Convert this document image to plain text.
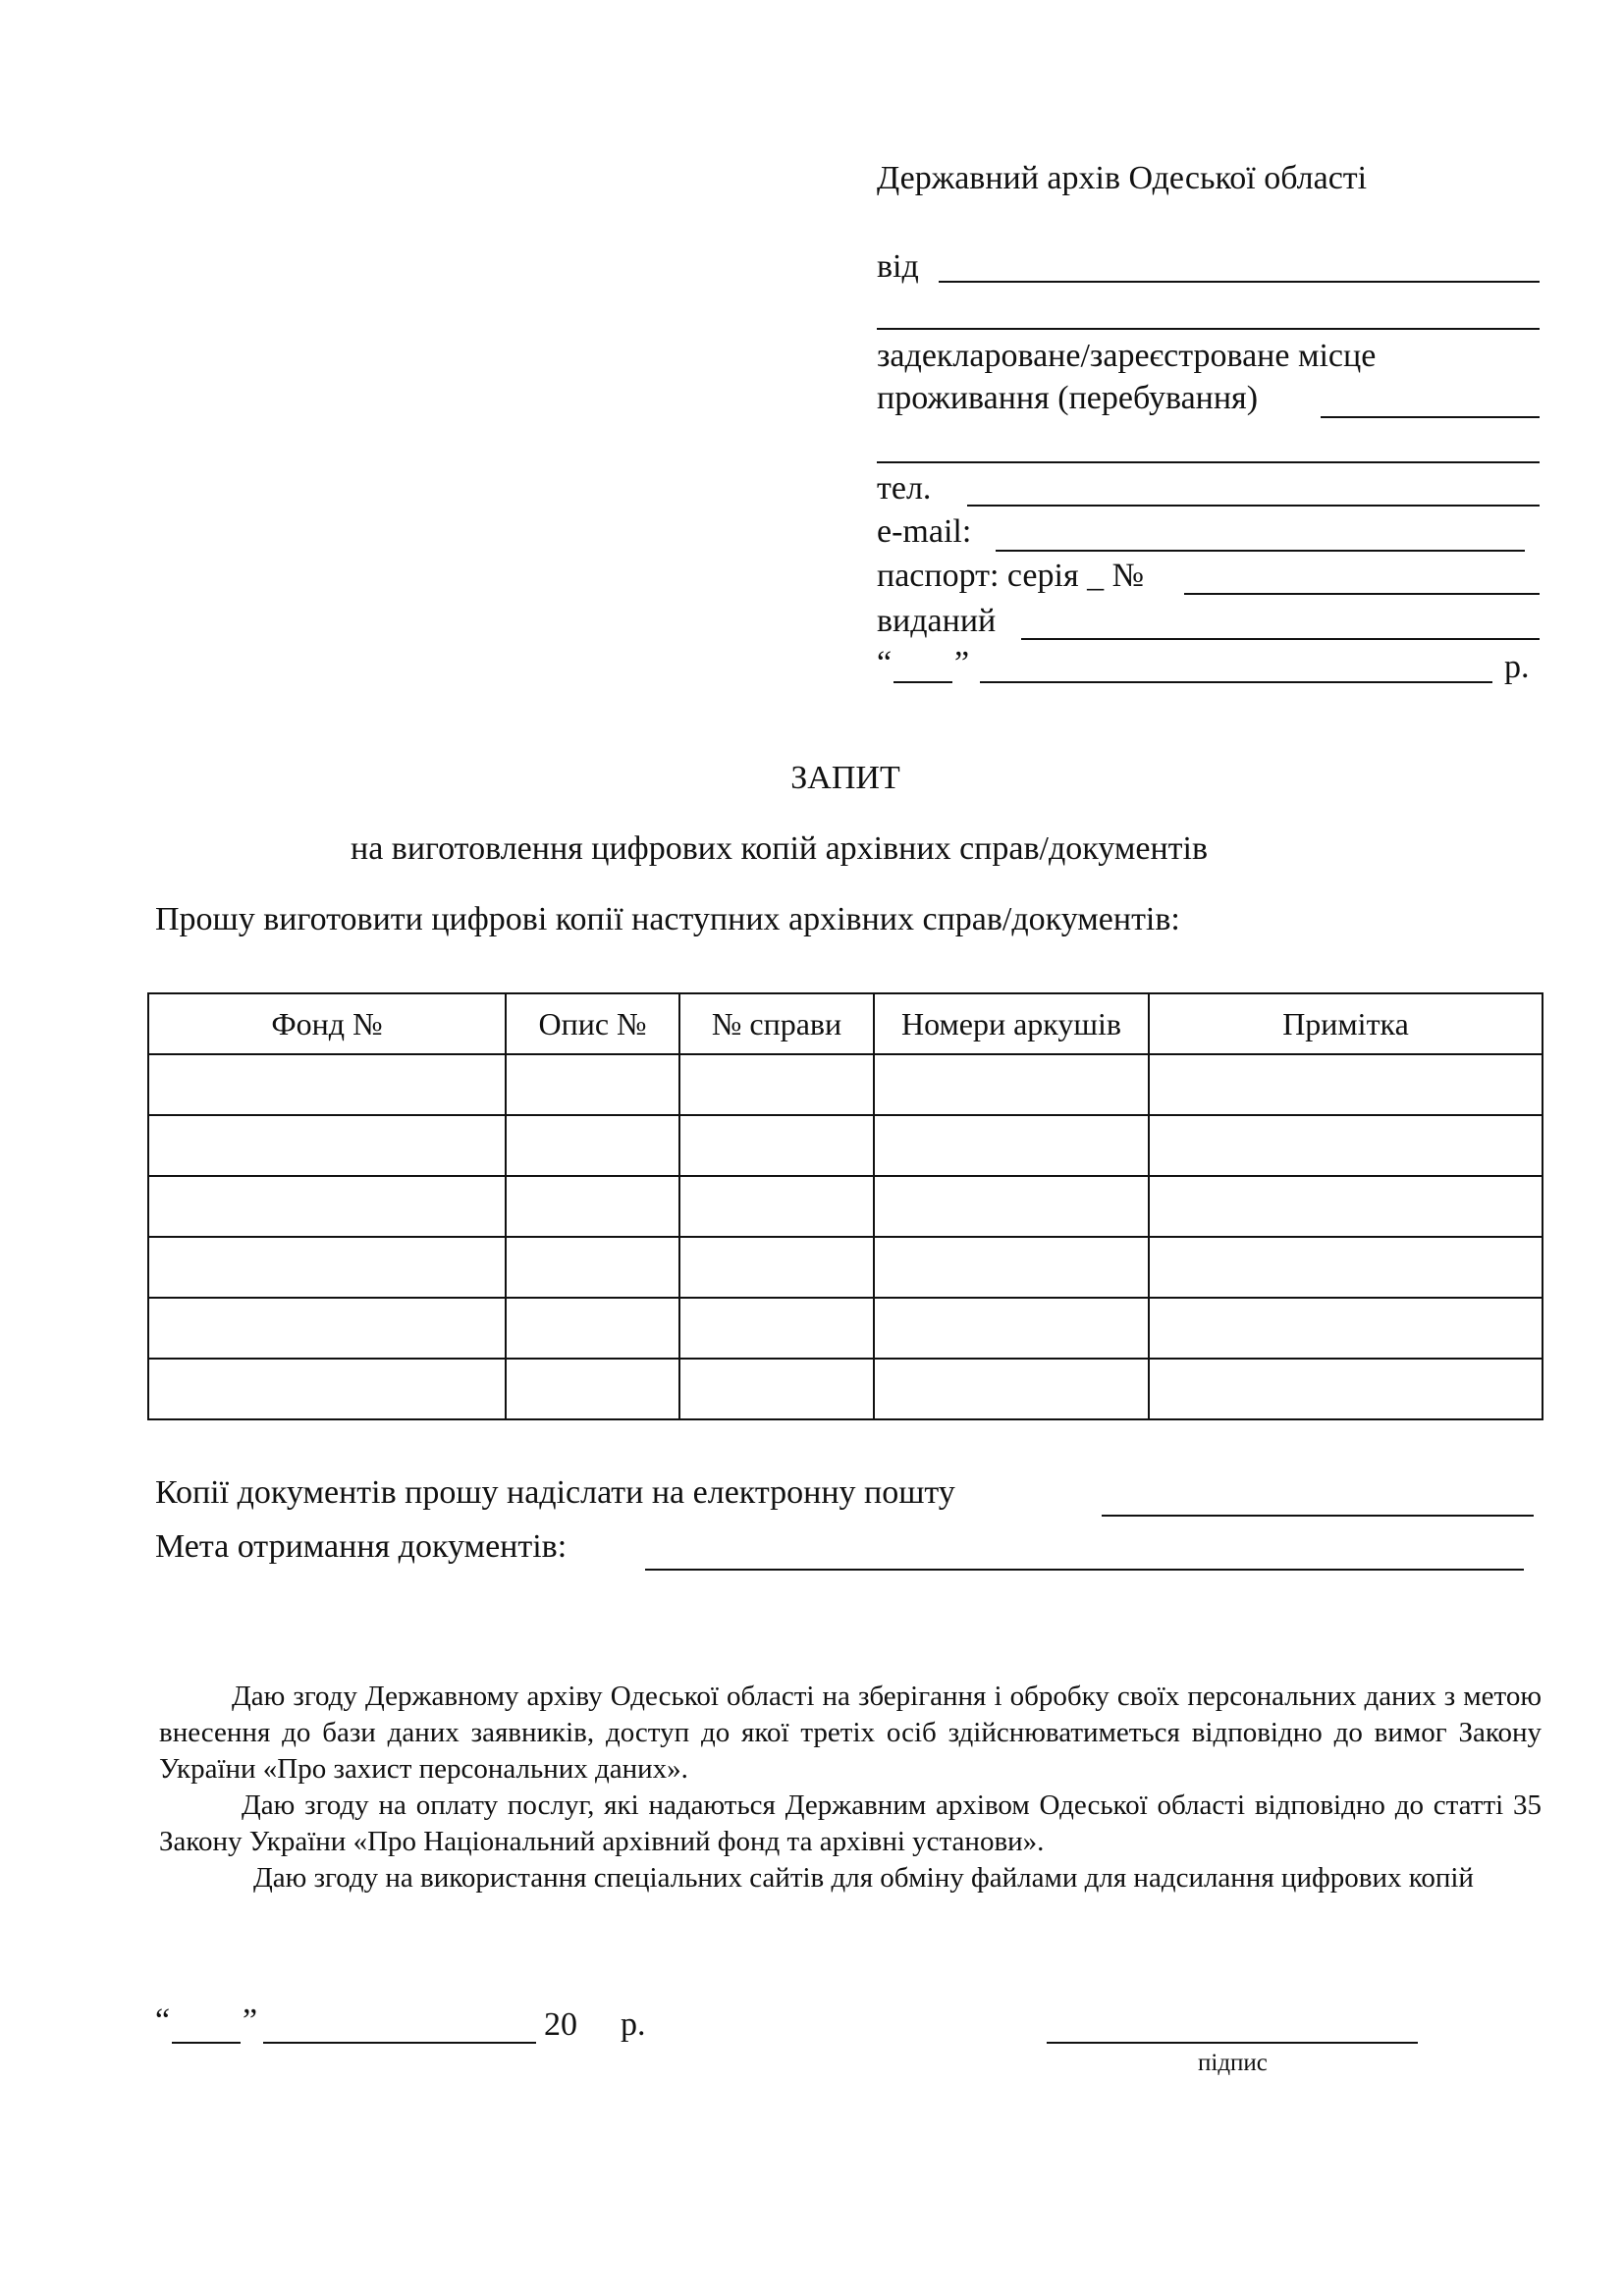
Державний архів Одеської області
від
задекларoване/зареєстроване місце
проживання (перебування)
тел.
e-mail:
паспорт: серія _ №
виданий
“ ”	р.
ЗАПИТ
на виготовлення цифрових копій архівних справ/документів
Прошу виготовити цифрові копії наступних архівних справ/документів:
Фонд №	Опис №	№ справи	Номери аркушів	Примітка

Копії документів прошу надіслати на електронну пошту
Мета отримання документів:

Даю згоду Державному архіву Одеської області на зберігання і обробку своїх персональних даних з метою внесення до бази даних заявників, доступ до якої третіх осіб здійснюватиметься відповідно до вимог Закону України «Про захист персональних даних».

Даю згоду на оплату послуг, які надаються Державним архівом Одеської області відповідно до статті 35 Закону України «Про Національний архівний фонд та архівні установи».

Даю згоду на використання спеціальних сайтів для обміну файлами для надсилання цифрових копій

“ ”	20 р.
підпис
